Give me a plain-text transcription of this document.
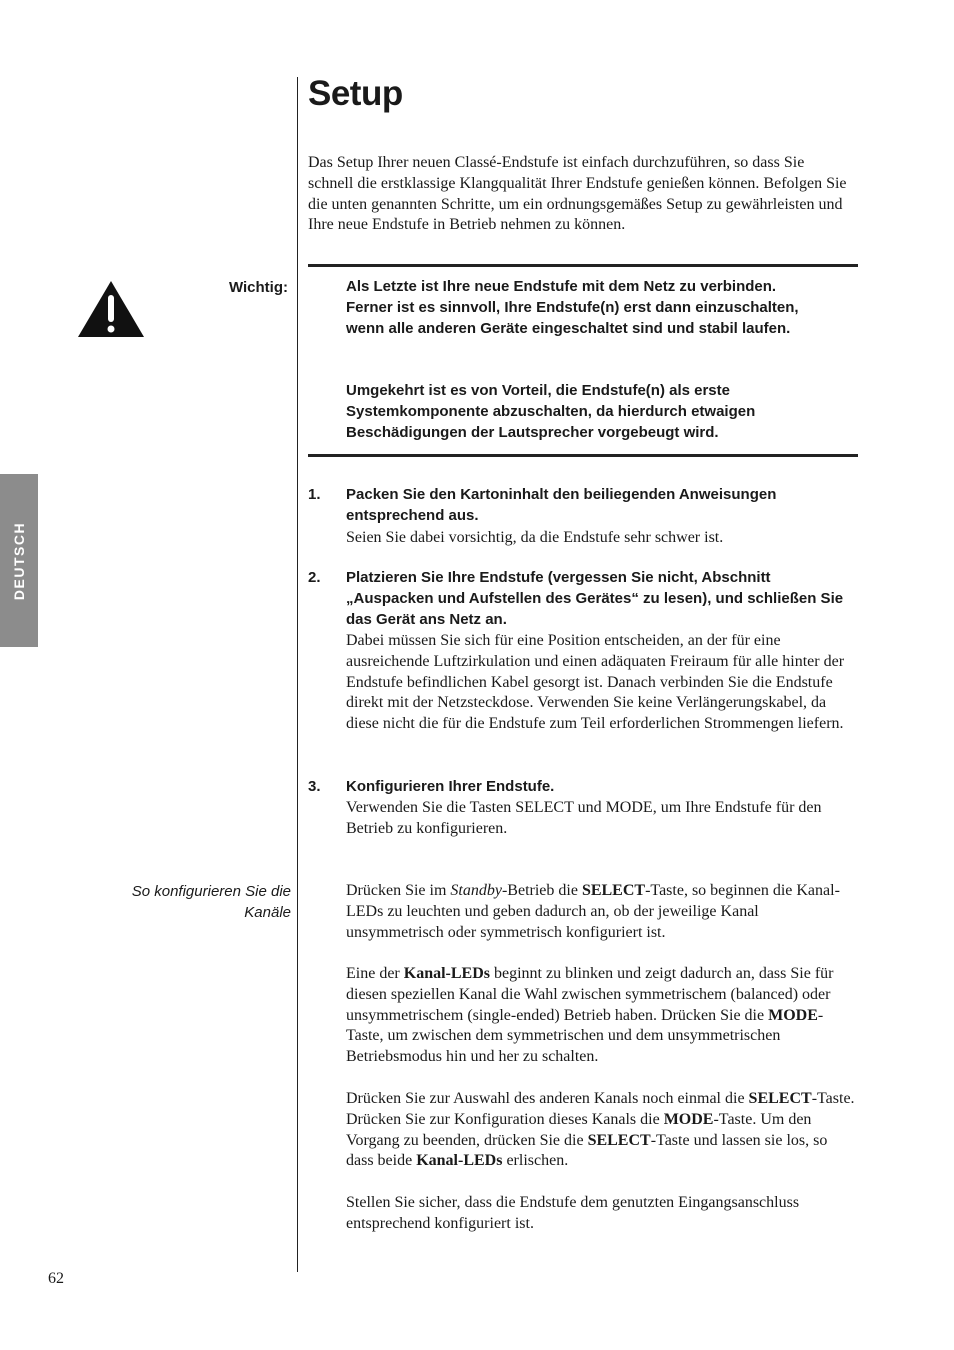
Setup
Das Setup Ihrer neuen Classé-Endstufe ist einfach durchzuführen, so dass Sie schnell die erstklassige Klangqualität Ihrer Endstufe genießen können. Befolgen Sie die unten genannten Schritte, um ein ordnungsgemäßes Setup zu gewährleisten und Ihre neue Endstufe in Betrieb nehmen zu können.
Wichtig:	Als Letzte ist Ihre neue Endstufe mit dem Netz zu verbinden. Ferner ist es sinnvoll, Ihre Endstufe(n) erst dann einzuschalten, wenn alle anderen Geräte eingeschaltet sind und stabil laufen.
Umgekehrt ist es von Vorteil, die Endstufe(n) als erste Systemkomponente abzuschalten, da hierdurch etwaigen Beschädigungen der Lautsprecher vorgebeugt wird.
DEUTSCH
1. Packen Sie den Kartoninhalt den beiliegenden Anweisungen entsprechend aus.
Seien Sie dabei vorsichtig, da die Endstufe sehr schwer ist.
2. Platzieren Sie Ihre Endstufe (vergessen Sie nicht, Abschnitt „Auspacken und Aufstellen des Gerätes“ zu lesen), und schließen Sie das Gerät ans Netz an.
Dabei müssen Sie sich für eine Position entscheiden, an der für eine ausreichende Luftzirkulation und einen adäquaten Freiraum für alle hinter der Endstufe befindlichen Kabel gesorgt ist. Danach verbinden Sie die Endstufe direkt mit der Netzsteckdose. Verwenden Sie keine Verlängerungskabel, da diese nicht die für die Endstufe zum Teil erforderlichen Strommengen liefern.
3. Konfigurieren Ihrer Endstufe.
Verwenden Sie die Tasten SELECT und MODE, um Ihre Endstufe für den Betrieb zu konfigurieren.
So konfigurieren Sie die
Kanäle
Drücken Sie im Standby-Betrieb die SELECT-Taste, so beginnen die Kanal-LEDs zu leuchten und geben dadurch an, ob der jeweilige Kanal unsymmetrisch oder symmetrisch konfiguriert ist.
Eine der Kanal-LEDs beginnt zu blinken und zeigt dadurch an, dass Sie für diesen speziellen Kanal die Wahl zwischen symmetrischem (balanced) oder unsymmetrischem (single-ended) Betrieb haben. Drücken Sie die MODE-Taste, um zwischen dem symmetrischen und dem unsymmetrischen Betriebsmodus hin und her zu schalten.
Drücken Sie zur Auswahl des anderen Kanals noch einmal die SELECT-Taste. Drücken Sie zur Konfiguration dieses Kanals die MODE-Taste. Um den Vorgang zu beenden, drücken Sie die SELECT-Taste und lassen sie los, so dass beide Kanal-LEDs erlischen.
Stellen Sie sicher, dass die Endstufe dem genutzten Eingangsanschluss entsprechend konfiguriert ist.
62
